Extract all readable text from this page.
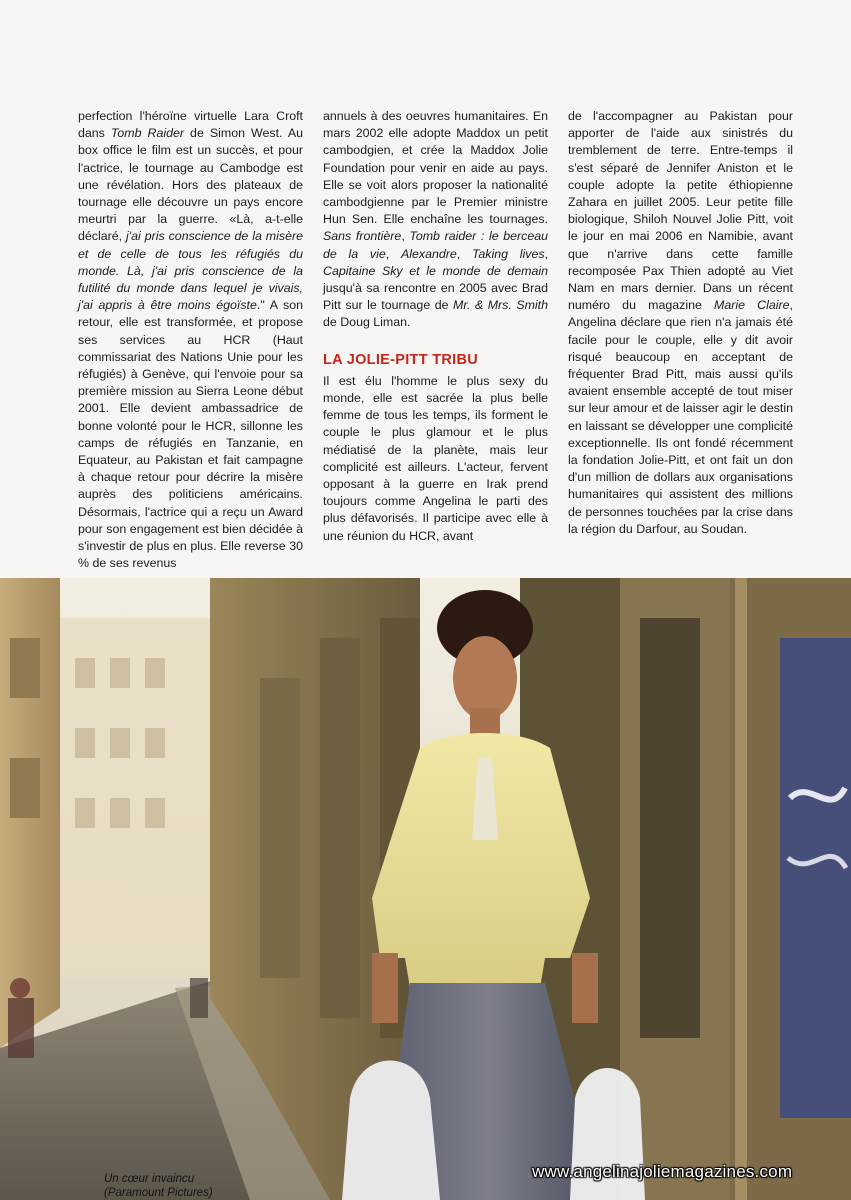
perfection l'héroïne virtuelle Lara Croft dans Tomb Raider de Simon West. Au box office le film est un succès, et pour l'actrice, le tournage au Cambodge est une révélation. Hors des plateaux de tournage elle découvre un pays encore meurtri par la guerre. «Là, a-t-elle déclaré, j'ai pris conscience de la misère et de celle de tous les réfugiés du monde. Là, j'ai pris conscience de la futilité du monde dans lequel je vivais, j'ai appris à être moins égoïste." A son retour, elle est transformée, et propose ses services au HCR (Haut commissariat des Nations Unie pour les réfugiés) à Genève, qui l'envoie pour sa première mission au Sierra Leone début 2001. Elle devient ambassadrice de bonne volonté pour le HCR, sillonne les camps de réfugiés en Tanzanie, en Equateur, au Pakistan et fait campagne à chaque retour pour décrire la misère auprès des politiciens américains. Désormais, l'actrice qui a reçu un Award pour son engagement est bien décidée à s'investir de plus en plus. Elle reverse 30 % de ses revenus

annuels à des oeuvres humanitaires. En mars 2002 elle adopte Maddox un petit cambodgien, et crée la Maddox Jolie Foundation pour venir en aide au pays. Elle se voit alors proposer la nationalité cambodgienne par le Premier ministre Hun Sen. Elle enchaîne les tournages. Sans frontière, Tomb raider : le berceau de la vie, Alexandre, Taking lives, Capitaine Sky et le monde de demain jusqu'à sa rencontre en 2005 avec Brad Pitt sur le tournage de Mr. & Mrs. Smith de Doug Liman.

LA JOLIE-PITT TRIBU

Il est élu l'homme le plus sexy du monde, elle est sacrée la plus belle femme de tous les temps, ils forment le couple le plus glamour et le plus médiatisé de la planète, mais leur complicité est ailleurs. L'acteur, fervent opposant à la guerre en Irak prend toujours comme Angelina le parti des plus défavorisés. Il participe avec elle à une réunion du HCR, avant

de l'accompagner au Pakistan pour apporter de l'aide aux sinistrés du tremblement de terre. Entre-temps il s'est séparé de Jennifer Aniston et le couple adopte la petite éthiopienne Zahara en juillet 2005. Leur petite fille biologique, Shiloh Nouvel Jolie Pitt, voit le jour en mai 2006 en Namibie, avant que n'arrive dans cette famille recomposée Pax Thien adopté au Viet Nam en mars dernier. Dans un récent numéro du magazine Marie Claire, Angelina déclare que rien n'a jamais été facile pour le couple, elle y dit avoir risqué beaucoup en acceptant de fréquenter Brad Pitt, mais aussi qu'ils avaient ensemble accepté de tout miser sur leur amour et de laisser agir le destin en laissant se développer une complicité exceptionnelle. Ils ont fondé récemment la fondation Jolie-Pitt, et ont fait un don d'un million de dollars aux organisations humanitaires qui assistent des millions de personnes touchées par la crise dans la région du Darfour, au Soudan.

Un cœur invaincu
(Paramount Pictures)
www.angelinajoliemagazines.com
